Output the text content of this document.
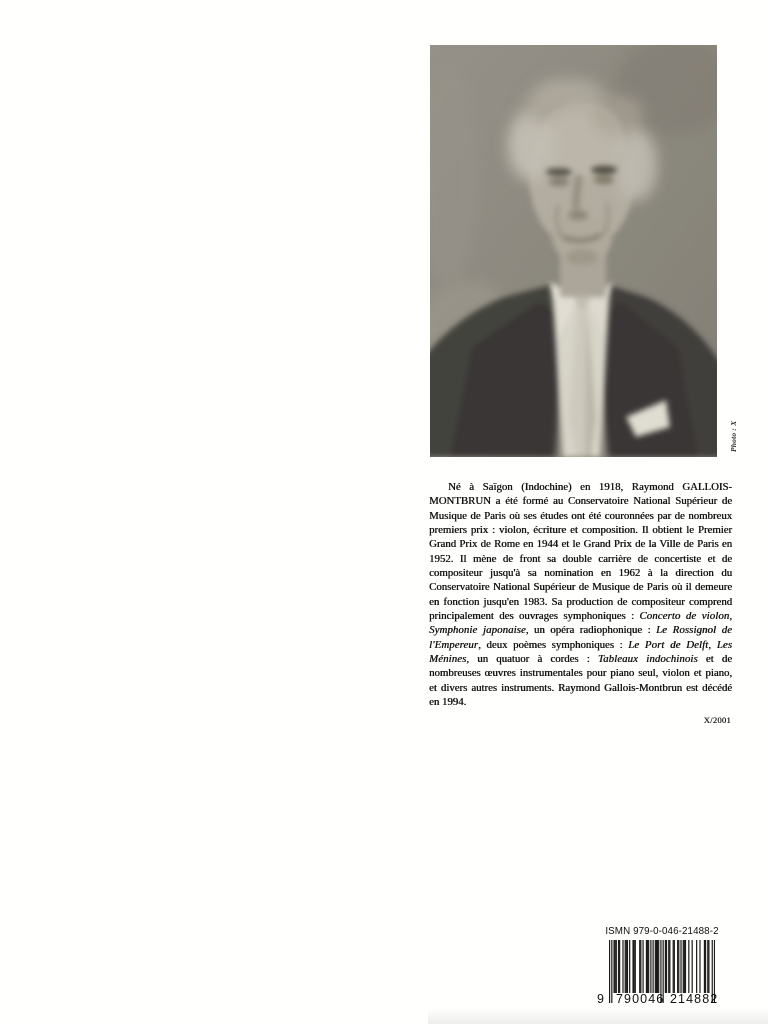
Photo : X

Né à Saïgon (Indochine) en 1918, Raymond GALLOIS-MONTBRUN a été formé au Conservatoire National Supérieur de Musique de Paris où ses études ont été couronnées par de nombreux premiers prix : violon, écriture et composition. Il obtient le Premier Grand Prix de Rome en 1944 et le Grand Prix de la Ville de Paris en 1952. Il mène de front sa double carrière de concertiste et de compositeur jusqu'à sa nomination en 1962 à la direction du Conservatoire National Supérieur de Musique de Paris où il demeure en fonction jusqu'en 1983. Sa production de compositeur comprend principalement des ouvrages symphoniques : Concerto de violon, Symphonie japonaise, un opéra radiophonique : Le Rossignol de l'Empereur, deux poèmes symphoniques : Le Port de Delft, Les Ménines, un quatuor à cordes : Tableaux indochinois et de nombreuses œuvres instrumentales pour piano seul, violon et piano, et divers autres instruments. Raymond Gallois-Montbrun est décédé en 1994.

X/2001
ISMN 979-0-046-21488-2
9 790046 214882
